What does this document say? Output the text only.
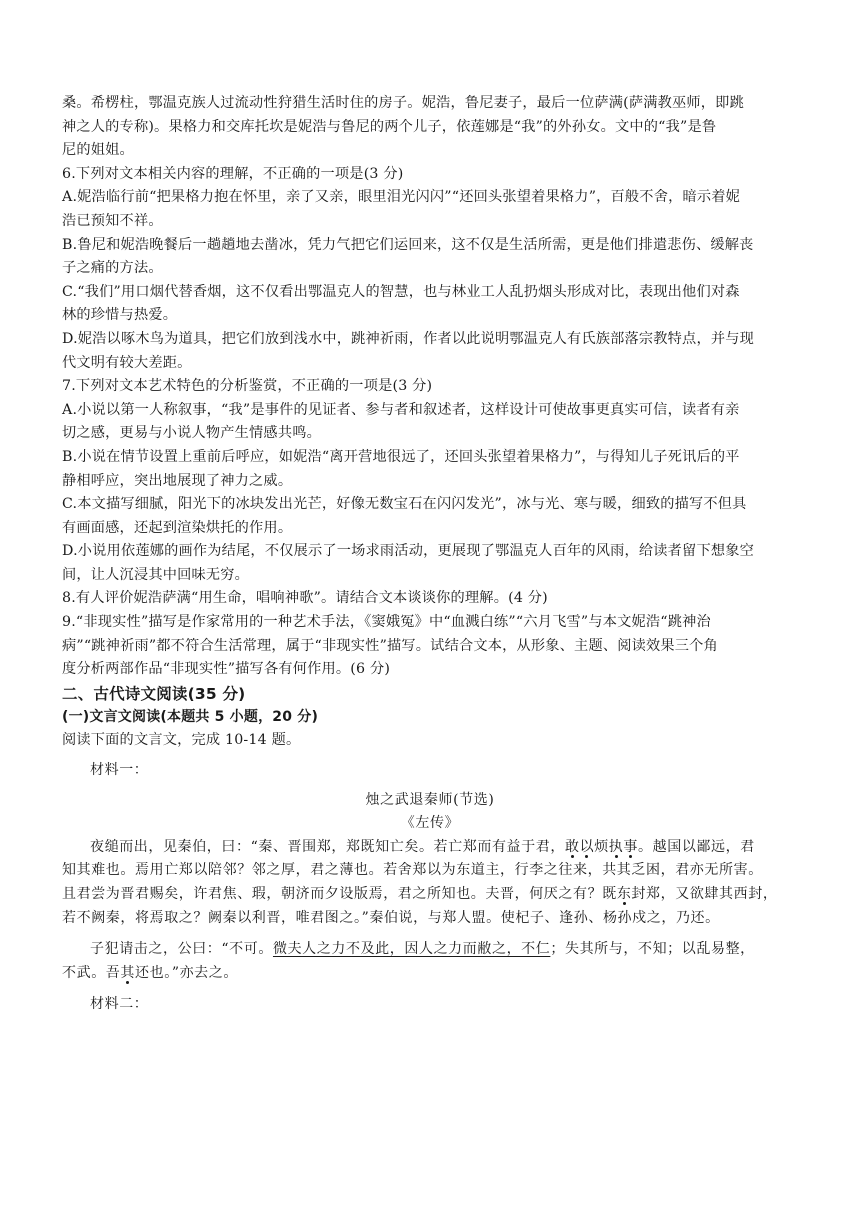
桑。希楞柱，鄂温克族人过流动性狩猎生活时住的房子。妮浩，鲁尼妻子，最后一位萨满(萨满教巫师，即跳

神之人的专称)。果格力和交库托坎是妮浩与鲁尼的两个儿子，依莲娜是“我”的外孙女。文中的“我”是鲁

尼的姐姐。

6.下列对文本相关内容的理解，不正确的一项是(3 分)

A.妮浩临行前“把果格力抱在怀里，亲了又亲，眼里泪光闪闪”“还回头张望着果格力”，百般不舍，暗示着妮

浩已预知不祥。

B.鲁尼和妮浩晚餐后一趟趟地去凿冰，凭力气把它们运回来，这不仅是生活所需，更是他们排遣悲伤、缓解丧

子之痛的方法。

C.“我们”用口烟代替香烟，这不仅看出鄂温克人的智慧，也与林业工人乱扔烟头形成对比，表现出他们对森

林的珍惜与热爱。

D.妮浩以啄木鸟为道具，把它们放到浅水中，跳神祈雨，作者以此说明鄂温克人有氏族部落宗教特点，并与现

代文明有较大差距。

7.下列对文本艺术特色的分析鉴赏，不正确的一项是(3 分)

A.小说以第一人称叙事，“我”是事件的见证者、参与者和叙述者，这样设计可使故事更真实可信，读者有亲

切之感，更易与小说人物产生情感共鸣。

B.小说在情节设置上重前后呼应，如妮浩“离开营地很远了，还回头张望着果格力”，与得知儿子死讯后的平

静相呼应，突出地展现了神力之威。

C.本文描写细腻，阳光下的冰块发出光芒，好像无数宝石在闪闪发光”，冰与光、寒与暖，细致的描写不但具

有画面感，还起到渲染烘托的作用。

D.小说用依莲娜的画作为结尾，不仅展示了一场求雨活动，更展现了鄂温克人百年的风雨，给读者留下想象空

间，让人沉浸其中回味无穷。

8.有人评价妮浩萨满“用生命，唱响神歌”。请结合文本谈谈你的理解。(4 分)

9.“非现实性”描写是作家常用的一种艺术手法，《窦娥冤》中“血溅白练”“六月飞雪”与本文妮浩“跳神治

病”“跳神祈雨”都不符合生活常理，属于“非现实性”描写。试结合文本，从形象、主题、阅读效果三个角

度分析两部作品“非现实性”描写各有何作用。(6 分)

二、古代诗文阅读(35 分)

(一)文言文阅读(本题共 5 小题，20 分)

阅读下面的文言文，完成 10-14 题。

材料一：

烛之武退秦师(节选)

《左传》

夜缒而出，见秦伯，曰：“秦、晋围郑，郑既知亡矣。若亡郑而有益于君，敢以烦执事。越国以鄙远，君

知其难也。焉用亡郑以陪邻？邻之厚，君之薄也。若舍郑以为东道主，行李之往来，共其乏困，君亦无所害。

且君尝为晋君赐矣，许君焦、瑕，朝济而夕设版焉，君之所知也。夫晋，何厌之有？既东封郑，又欲肆其西封，

若不阙秦，将焉取之？阙秦以利晋，唯君图之。”秦伯说，与郑人盟。使杞子、逢孙、杨孙戍之，乃还。

子犯请击之，公曰：“不可。微夫人之力不及此，因人之力而敝之，不仁；失其所与，不知；以乱易整，

不武。吾其还也。”亦去之。

材料二：
